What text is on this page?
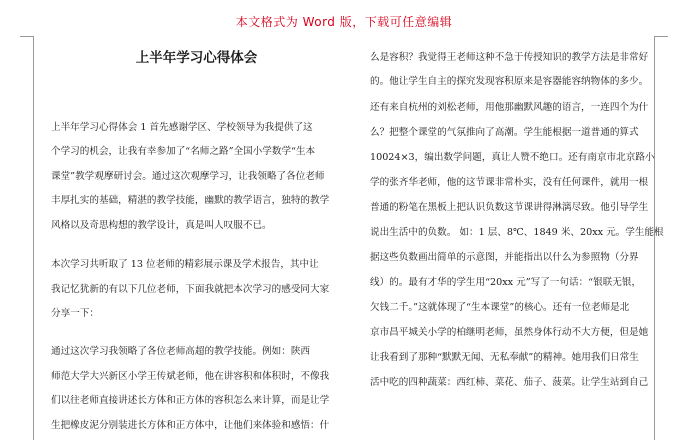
本文格式为 Word 版，下载可任意编辑
上半年学习心得体会
上半年学习心得体会 1 首先感谢学区、学校领导为我提供了这
个学习的机会，让我有幸参加了“名师之路”全国小学数学“生本
课堂”教学观摩研讨会。通过这次观摩学习，让我领略了各位老师
丰厚扎实的基础，精湛的教学技能，幽默的教学语言，独特的教学
风格以及奇思构想的教学设计，真是叫人叹服不已。
本次学习共听取了 13 位老师的精彩展示课及学术报告，其中让
我记忆犹新的有以下几位老师，下面我就把本次学习的感受同大家
分享一下：
通过这次学习我领略了各位老师高超的教学技能。例如：陕西
师范大学大兴新区小学王传斌老师，他在讲容积和体积时，不像我
们以往老师直接讲述长方体和正方体的容积怎么来计算，而是让学
生把橡皮泥分别装进长方体和正方体中，让他们来体验和感悟：什
么是容积？我觉得王老师这种不急于传授知识的教学方法是非常好
的。他让学生自主的探究发现容积原来是容器能容纳物体的多少。
还有来自杭州的刘松老师，用他那幽默风趣的语言，一连四个为什
么？把整个课堂的气氛推向了高潮。学生能根据一道普通的算式
10024×3，编出数学问题，真让人赞不绝口。还有南京市北京路小
学的张齐华老师，他的这节课非常朴实，没有任何课件，就用一根
普通的粉笔在黑板上把认识负数这节课讲得淋漓尽致。他引导学生
说出生活中的负数。 如：1 层、8℃、1849 米、20xx 元。学生能根
据这些负数画出简单的示意图，并能指出以什么为参照物（分界
线）的。最有才华的学生用“20xx 元”写了一句话：“银联无银，
欠钱二千。”这就体现了“生本课堂”的核心。还有一位老师是北
京市昌平城关小学的柏继明老师，虽然身体行动不大方便，但是她
让我看到了那种“默默无闻、无私奉献”的精神。她用我们日常生
活中吃的四种蔬菜：西红柿、菜花、茄子、菠菜。让学生站到自己
